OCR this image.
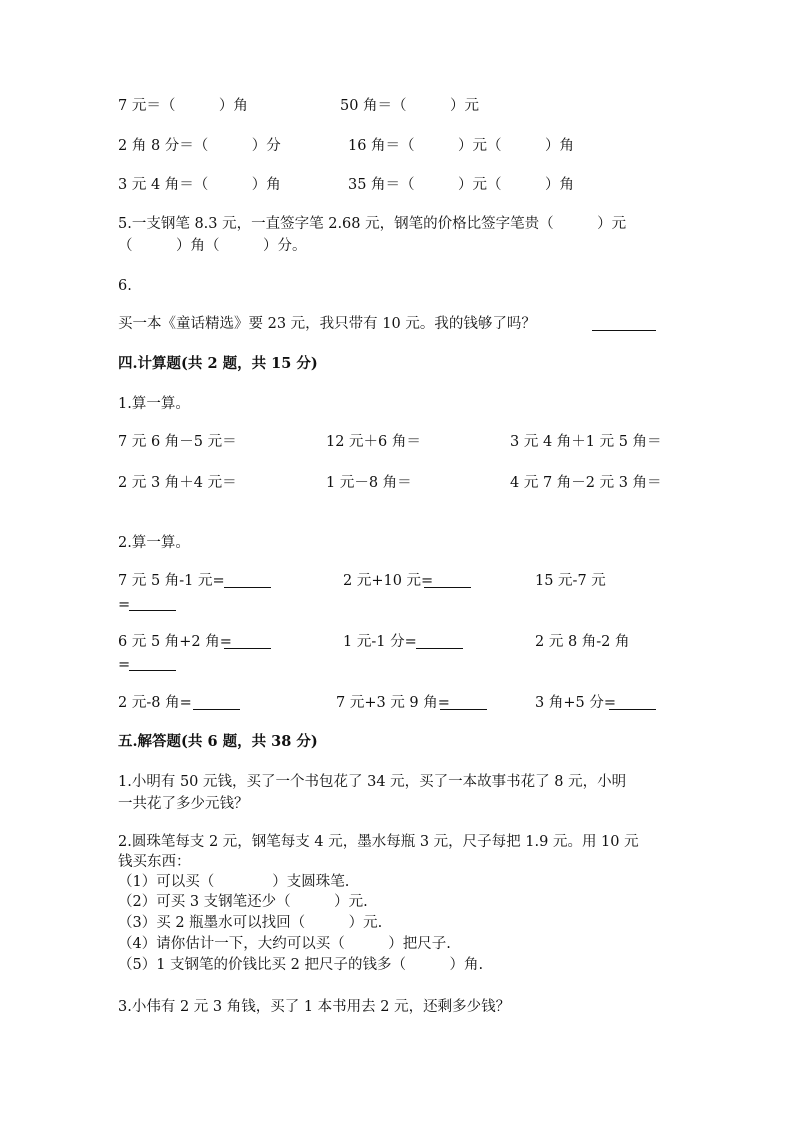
7 元＝（　　　）角	50 角＝（　　　）元
2 角 8 分＝（　　　）分	16 角＝（　　　）元（　　　）角
3 元 4 角＝（　　　）角	35 角＝（　　　）元（　　　）角
5.一支钢笔 8.3 元，一直签字笔 2.68 元，钢笔的价格比签字笔贵（　　　）元
（　　　）角（　　　）分。
6.
买一本《童话精选》要 23 元，我只带有 10 元。我的钱够了吗？
四.计算题(共 2 题，共 15 分)
1.算一算。
7 元 6 角－5 元＝	12 元＋6 角＝	3 元 4 角＋1 元 5 角＝
2 元 3 角＋4 元＝	1 元－8 角＝	4 元 7 角－2 元 3 角＝
2.算一算。
7 元 5 角-1 元=	2 元+10 元=	15 元-7 元
=
6 元 5 角+2 角=	1 元-1 分=	2 元 8 角-2 角
=
2 元-8 角=	7 元+3 元 9 角=	3 角+5 分=
五.解答题(共 6 题，共 38 分)
1.小明有 50 元钱，买了一个书包花了 34 元，买了一本故事书花了 8 元，小明
一共花了多少元钱？
2.圆珠笔每支 2 元，钢笔每支 4 元，墨水每瓶 3 元，尺子每把 1.9 元。用 10 元
钱买东西：
（1）可以买（　　　　）支圆珠笔.
（2）可买 3 支钢笔还少（　　　）元.
（3）买 2 瓶墨水可以找回（　　　）元.
（4）请你估计一下，大约可以买（　　　）把尺子.
（5）1 支钢笔的价钱比买 2 把尺子的钱多（　　　）角.
3.小伟有 2 元 3 角钱，买了 1 本书用去 2 元，还剩多少钱？
